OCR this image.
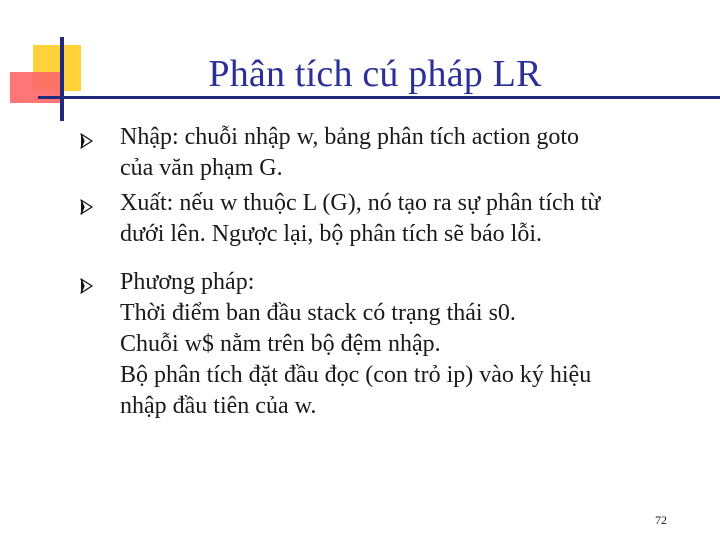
Phân tích cú pháp LR
Nhập: chuỗi nhập w, bảng phân tích action goto
của văn phạm G.
Xuất: nếu w thuộc L (G), nó tạo ra sự phân tích từ
dưới lên. Ngược lại, bộ phân tích sẽ báo lỗi.
Phương pháp:
Thời điểm ban đầu stack có trạng thái s0.
Chuỗi w$ nằm trên bộ đệm nhập.
Bộ phân tích đặt đầu đọc (con trỏ ip) vào ký hiệu
nhập đầu tiên của w.
72
